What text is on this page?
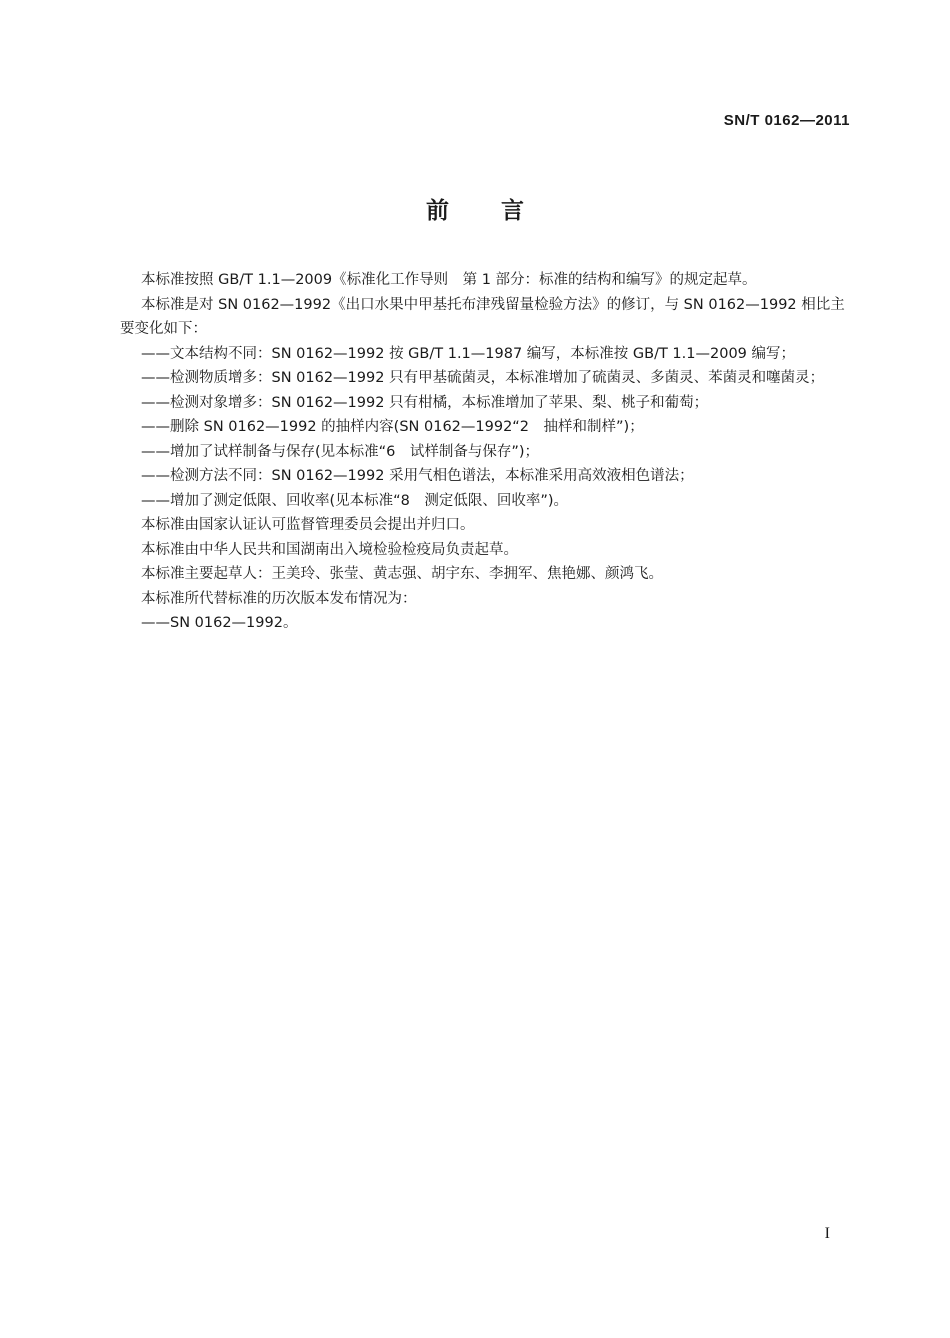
SN/T 0162—2011
前言

本标准按照 GB/T 1.1—2009《标准化工作导则　第 1 部分：标准的结构和编写》的规定起草。

本标准是对 SN 0162—1992《出口水果中甲基托布津残留量检验方法》的修订，与 SN 0162—1992 相比主要变化如下：

——文本结构不同：SN 0162—1992 按 GB/T 1.1—1987 编写，本标准按 GB/T 1.1—2009 编写；

——检测物质增多：SN 0162—1992 只有甲基硫菌灵，本标准增加了硫菌灵、多菌灵、苯菌灵和噻菌灵；

——检测对象增多：SN 0162—1992 只有柑橘，本标准增加了苹果、梨、桃子和葡萄；

——删除 SN 0162—1992 的抽样内容(SN 0162—1992“2　抽样和制样”)；

——增加了试样制备与保存(见本标准“6　试样制备与保存”)；

——检测方法不同：SN 0162—1992 采用气相色谱法，本标准采用高效液相色谱法；

——增加了测定低限、回收率(见本标准“8　测定低限、回收率”)。

本标准由国家认证认可监督管理委员会提出并归口。

本标准由中华人民共和国湖南出入境检验检疫局负责起草。

本标准主要起草人：王美玲、张莹、黄志强、胡宇东、李拥军、焦艳娜、颜鸿飞。

本标准所代替标准的历次版本发布情况为：

——SN 0162—1992。

I
